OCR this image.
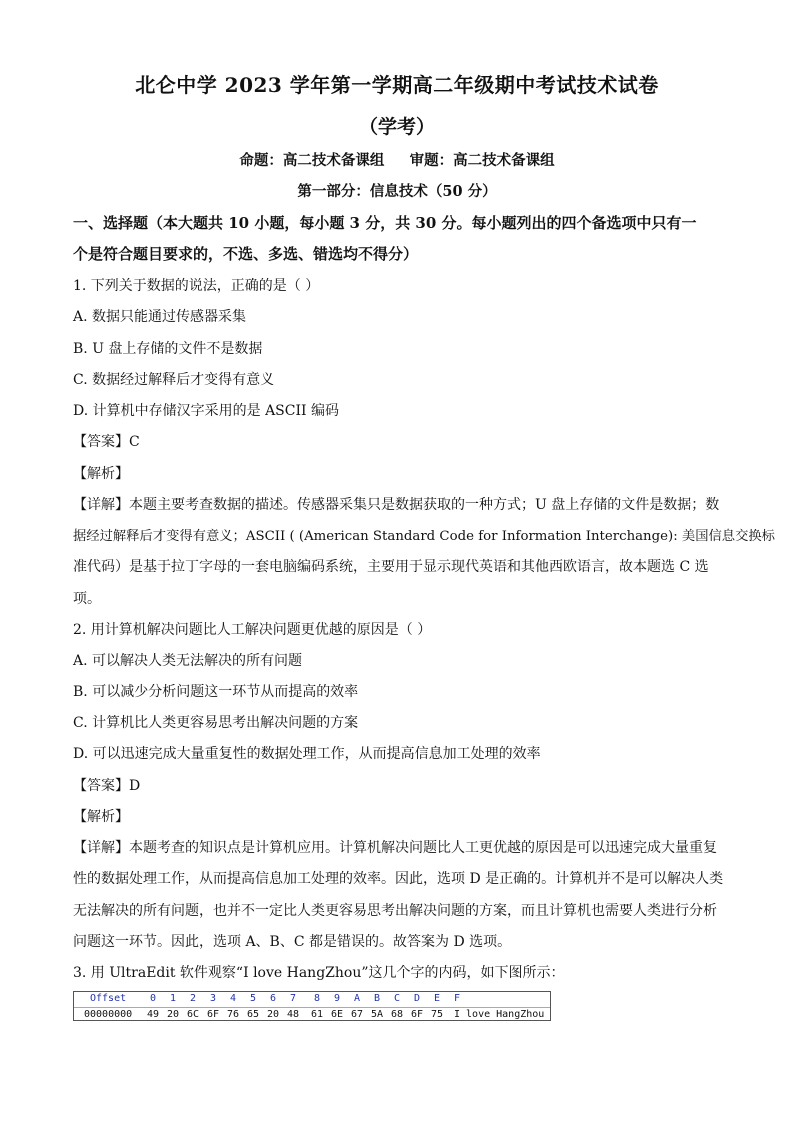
北仑中学 2023 学年第一学期高二年级期中考试技术试卷
（学考）
命题：高二技术备课组     审题：高二技术备课组
第一部分：信息技术（50 分）
一、选择题（本大题共 10 小题，每小题 3 分，共 30 分。每小题列出的四个备选项中只有一
个是符合题目要求的，不选、多选、错选均不得分）
1. 下列关于数据的说法，正确的是（ ）
A. 数据只能通过传感器采集
B. U 盘上存储的文件不是数据
C. 数据经过解释后才变得有意义
D. 计算机中存储汉字采用的是 ASCII 编码
【答案】C
【解析】
【详解】本题主要考查数据的描述。传感器采集只是数据获取的一种方式；U 盘上存储的文件是数据；数
据经过解释后才变得有意义；ASCII ( (American Standard Code for Information Interchange): 美国信息交换标
准代码）是基于拉丁字母的一套电脑编码系统，主要用于显示现代英语和其他西欧语言，故本题选 C 选
项。
2. 用计算机解决问题比人工解决问题更优越的原因是（ ）
A. 可以解决人类无法解决的所有问题
B. 可以减少分析问题这一环节从而提高的效率
C. 计算机比人类更容易思考出解决问题的方案
D. 可以迅速完成大量重复性的数据处理工作，从而提高信息加工处理的效率
【答案】D
【解析】
【详解】本题考查的知识点是计算机应用。计算机解决问题比人工更优越的原因是可以迅速完成大量重复
性的数据处理工作，从而提高信息加工处理的效率。因此，选项 D 是正确的。计算机并不是可以解决人类
无法解决的所有问题，也并不一定比人类更容易思考出解决问题的方案，而且计算机也需要人类进行分析
问题这一环节。因此，选项 A、B、C 都是错误的。故答案为 D 选项。
3. 用 UltraEdit 软件观察“I love HangZhou”这几个字的内码，如下图所示：
Offset 0 1 2 3 4 5 6 7 8 9 A B C D E F
00000000 49 20 6C 6F 76 65 20 48 61 6E 67 5A 68 6F 75 I love HangZhou
